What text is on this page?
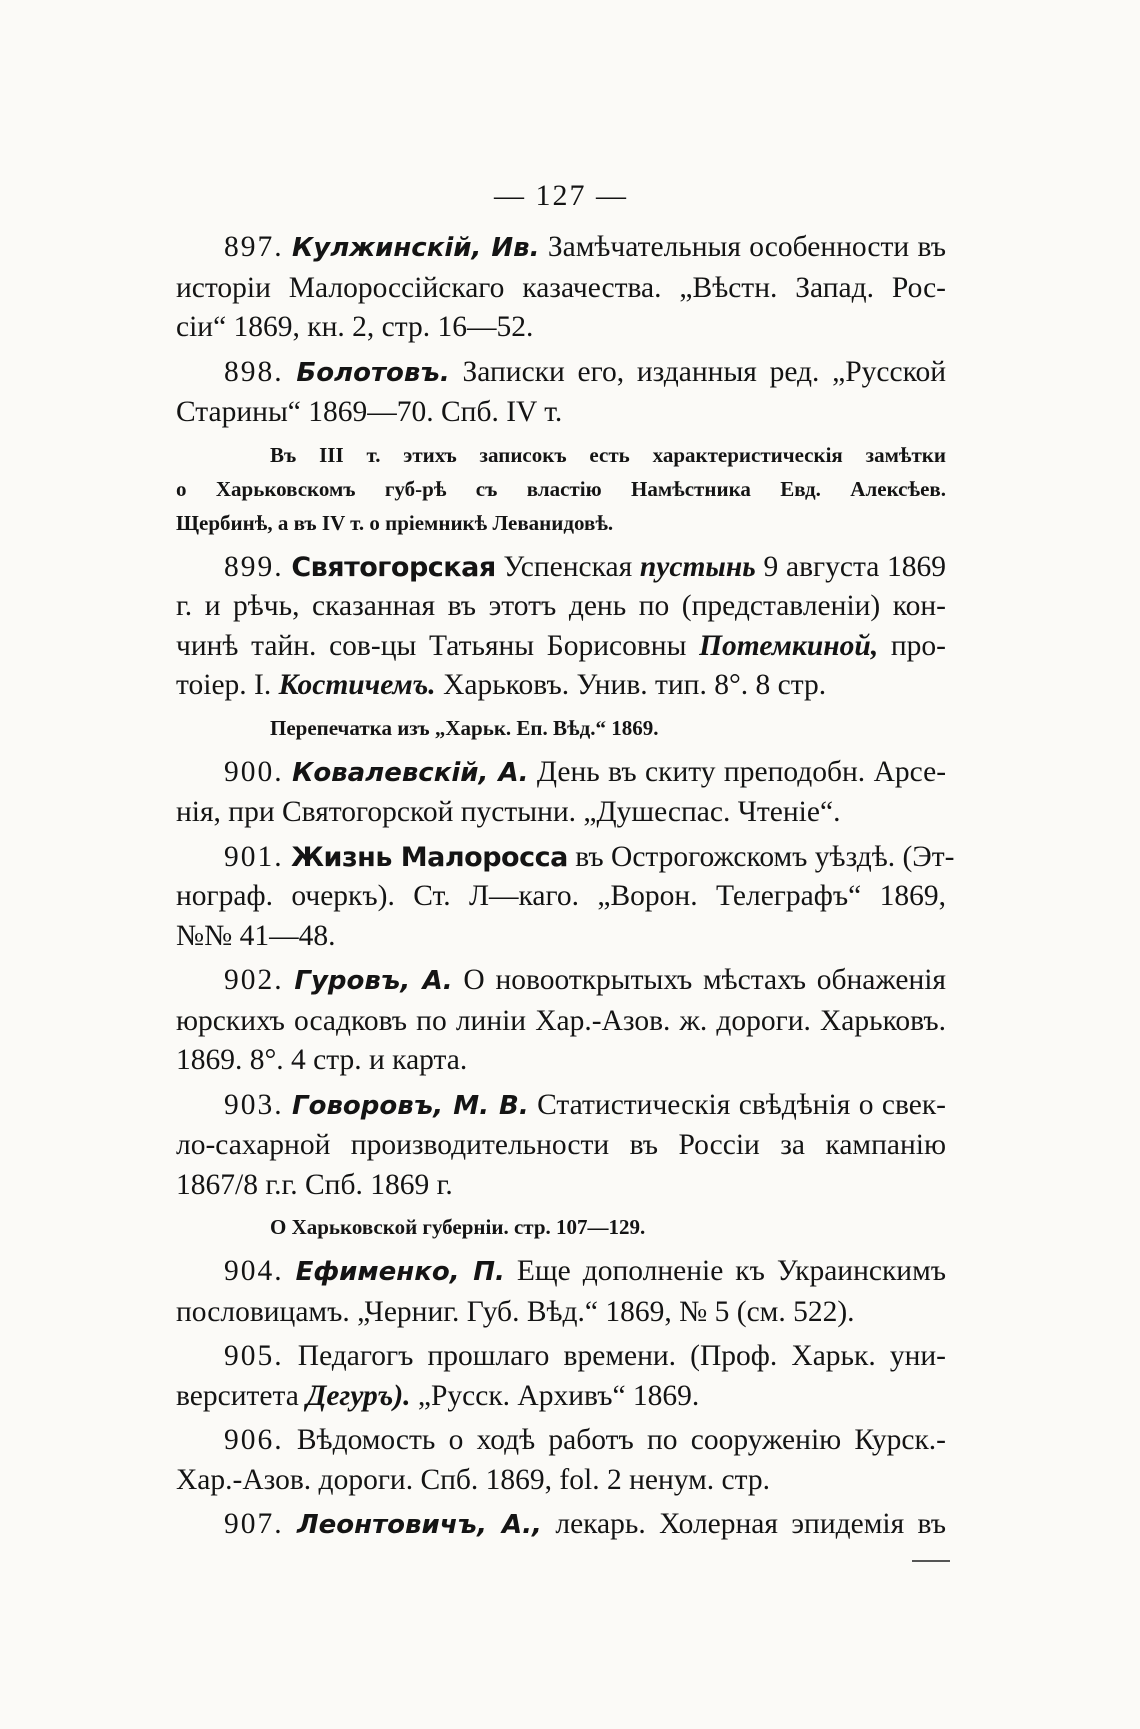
— 127 —
897. Кулжинскій, Ив. Замѣчательныя особенности въ
исторіи Малороссійскаго казачества. „Вѣстн. Запад. Рос-
сіи“ 1869, кн. 2, стр. 16—52.
898. Болотовъ. Записки его, изданныя ред. „Русской
Старины“ 1869—70. Спб. IV т.
Въ III т. этихъ записокъ есть характеристическія замѣтки
о Харьковскомъ губ-рѣ съ властію Намѣстника Евд. Алексѣев.
Щербинѣ, а въ IV т. о пріемникѣ Леванидовѣ.
899. Святогорская Успенская пустынь 9 августа 1869
г. и рѣчь, сказанная въ этотъ день по (представленіи) кон-
чинѣ тайн. сов-цы Татьяны Борисовны Потемкиной, про-
тоіер. І. Костичемъ. Харьковъ. Унив. тип. 8°. 8 стр.
Перепечатка изъ „Харьк. Еп. Вѣд.“ 1869.
900. Ковалевскій, А. День въ скиту преподобн. Арсе-
нія, при Святогорской пустыни. „Душеспас. Чтеніе“.
901. Жизнь Малоросса въ Острогожскомъ уѣздѣ. (Эт-
нограф. очеркъ). Ст. Л—каго. „Ворон. Телеграфъ“ 1869,
№№ 41—48.
902. Гуровъ, А. О новооткрытыхъ мѣстахъ обнаженія
юрскихъ осадковъ по линіи Хар.-Азов. ж. дороги. Харьковъ.
1869. 8°. 4 стр. и карта.
903. Говоровъ, М. В. Статистическія свѣдѣнія о свек-
ло-сахарной производительности въ Россіи за кампанію
1867/8 г.г. Спб. 1869 г.
О Харьковской губерніи. стр. 107—129.
904. Ефименко, П. Еще дополненіе къ Украинскимъ
пословицамъ. „Черниг. Губ. Вѣд.“ 1869, № 5 (см. 522).
905. Педагогъ прошлаго времени. (Проф. Харьк. уни-
верситета Дегуръ). „Русск. Архивъ“ 1869.
906. Вѣдомость о ходѣ работъ по сооруженію Курск.-
Хар.-Азов. дороги. Спб. 1869, fol. 2 ненум. стр.
907. Леонтовичъ, А., лекарь. Холерная эпидемія въ
